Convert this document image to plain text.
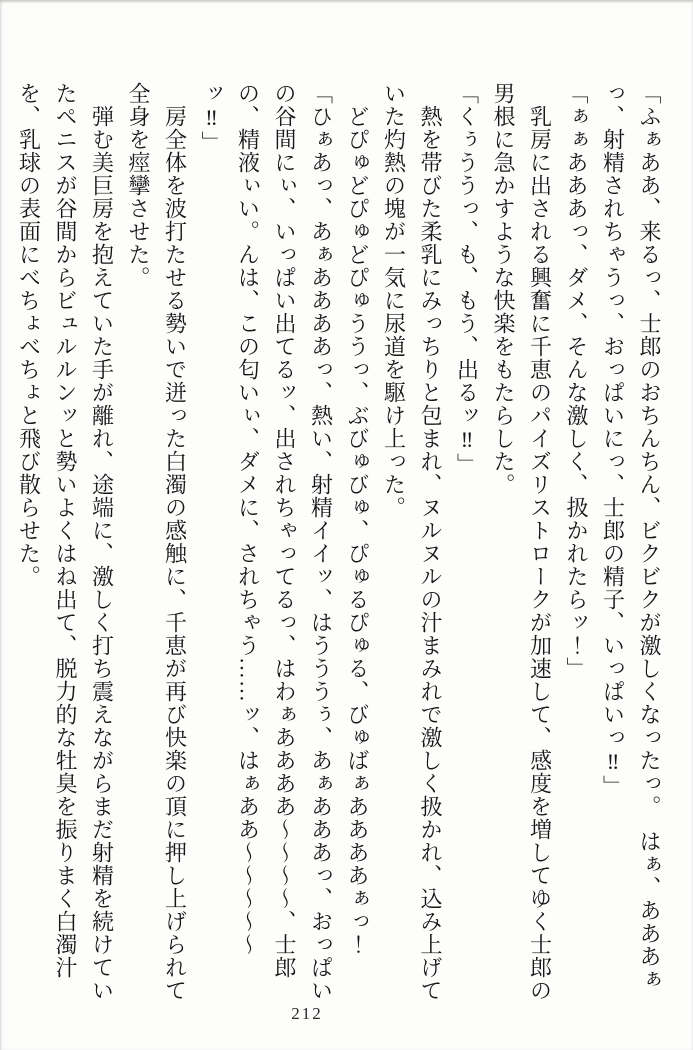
「ふぁああ、来るっ、士郎のおちんちん、ビクビクが激しくなったっ。　はぁ、あああぁっ、射精されちゃうっ、おっぱいにっ、士郎の精子、いっぱいっ‼」

「ぁぁあああっ、ダメ、そんな激しく、扱かれたらッ！」

　乳房に出される興奮に千恵のパイズリストロークが加速して、感度を増してゆく士郎の男根に急かすような快楽をもたらした。

「くぅううっ、も、もう、出るッ‼」

　熱を帯びた柔乳にみっちりと包まれ、ヌルヌルの汁まみれで激しく扱かれ、込み上げていた灼熱の塊が一気に尿道を駆け上った。

　どぴゅどぴゅどぴゅううっ、ぶびゅびゅ、ぴゅるぴゅる、びゅばぁああああぁっ！

「ひぁあっ、あぁああああっ、熱い、射精イイッ、はうううぅ、あぁあああっ、おっぱいの谷間にぃ、いっぱい出てるッ、出されちゃってるっ、はわぁああああ～～～～、士郎の、精液ぃい。んは、この匂いぃ、ダメに、されちゃう……ッ、はぁああ～～～～～ッ‼」

　房全体を波打たせる勢いで迸った白濁の感触に、千恵が再び快楽の頂に押し上げられて全身を痙攣させた。

　弾む美巨房を抱えていた手が離れ、途端に、激しく打ち震えながらまだ射精を続けていたペニスが谷間からビュルルンッと勢いよくはね出て、脱力的な牡臭を振りまく白濁汁を、乳球の表面にべちょべちょと飛び散らせた。

212
